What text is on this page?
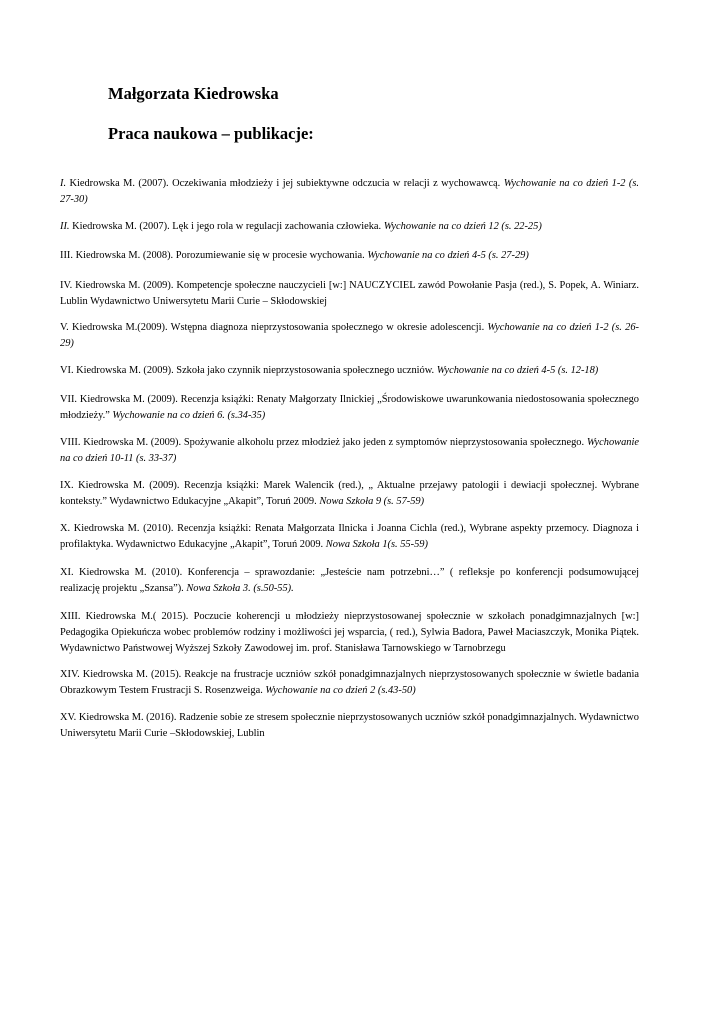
Małgorzata Kiedrowska
Praca naukowa – publikacje:

I. Kiedrowska M. (2007). Oczekiwania młodzieży i jej subiektywne odczucia w relacji z wychowawcą. Wychowanie na co dzień 1-2 (s. 27-30)

II. Kiedrowska M. (2007). Lęk i jego rola w regulacji zachowania człowieka. Wychowanie na co dzień 12 (s. 22-25)

III. Kiedrowska M. (2008). Porozumiewanie się w procesie wychowania. Wychowanie na co dzień 4-5 (s. 27-29)

IV. Kiedrowska M. (2009). Kompetencje społeczne nauczycieli [w:] NAUCZYCIEL zawód Powołanie Pasja (red.), S. Popek, A. Winiarz. Lublin Wydawnictwo Uniwersytetu Marii Curie – Skłodowskiej

V. Kiedrowska M.(2009). Wstępna diagnoza nieprzystosowania społecznego w okresie adolescencji. Wychowanie na co dzień 1-2 (s. 26-29)

VI. Kiedrowska M. (2009). Szkoła jako czynnik nieprzystosowania społecznego uczniów. Wychowanie na co dzień 4-5 (s. 12-18)

VII. Kiedrowska M. (2009). Recenzja książki: Renaty Małgorzaty Ilnickiej „Środowiskowe uwarunkowania niedostosowania społecznego młodzieży.” Wychowanie na co dzień 6. (s.34-35)

VIII. Kiedrowska M. (2009). Spożywanie alkoholu przez młodzież jako jeden z symptomów nieprzystosowania społecznego. Wychowanie na co dzień 10-11 (s. 33-37)

IX. Kiedrowska M. (2009). Recenzja książki: Marek Walencik (red.), „ Aktualne przejawy patologii i dewiacji społecznej. Wybrane konteksty.” Wydawnictwo Edukacyjne „Akapit”, Toruń 2009. Nowa Szkoła 9 (s. 57-59)

X. Kiedrowska M. (2010). Recenzja książki: Renata Małgorzata Ilnicka i Joanna Cichla (red.), Wybrane aspekty przemocy. Diagnoza i profilaktyka. Wydawnictwo Edukacyjne „Akapit”, Toruń 2009. Nowa Szkoła 1(s. 55-59)

XI. Kiedrowska M. (2010). Konferencja – sprawozdanie: „Jesteście nam potrzebni…” ( refleksje po konferencji podsumowującej realizację projektu „Szansa”). Nowa Szkoła 3. (s.50-55).

XIII. Kiedrowska M.( 2015). Poczucie koherencji u młodzieży nieprzystosowanej społecznie w szkołach ponadgimnazjalnych [w:] Pedagogika Opiekuńcza wobec problemów rodziny i możliwości jej wsparcia, ( red.), Sylwia Badora, Paweł Maciaszczyk, Monika Piątek. Wydawnictwo Państwowej Wyższej Szkoły Zawodowej im. prof. Stanisława Tarnowskiego w Tarnobrzegu

XIV. Kiedrowska M. (2015). Reakcje na frustracje uczniów szkół ponadgimnazjalnych nieprzystosowanych społecznie w świetle badania Obrazkowym Testem Frustracji S. Rosenzweiga. Wychowanie na co dzień 2 (s.43-50)

XV. Kiedrowska M. (2016). Radzenie sobie ze stresem społecznie nieprzystosowanych uczniów szkół ponadgimnazjalnych. Wydawnictwo Uniwersytetu Marii Curie –Skłodowskiej, Lublin
